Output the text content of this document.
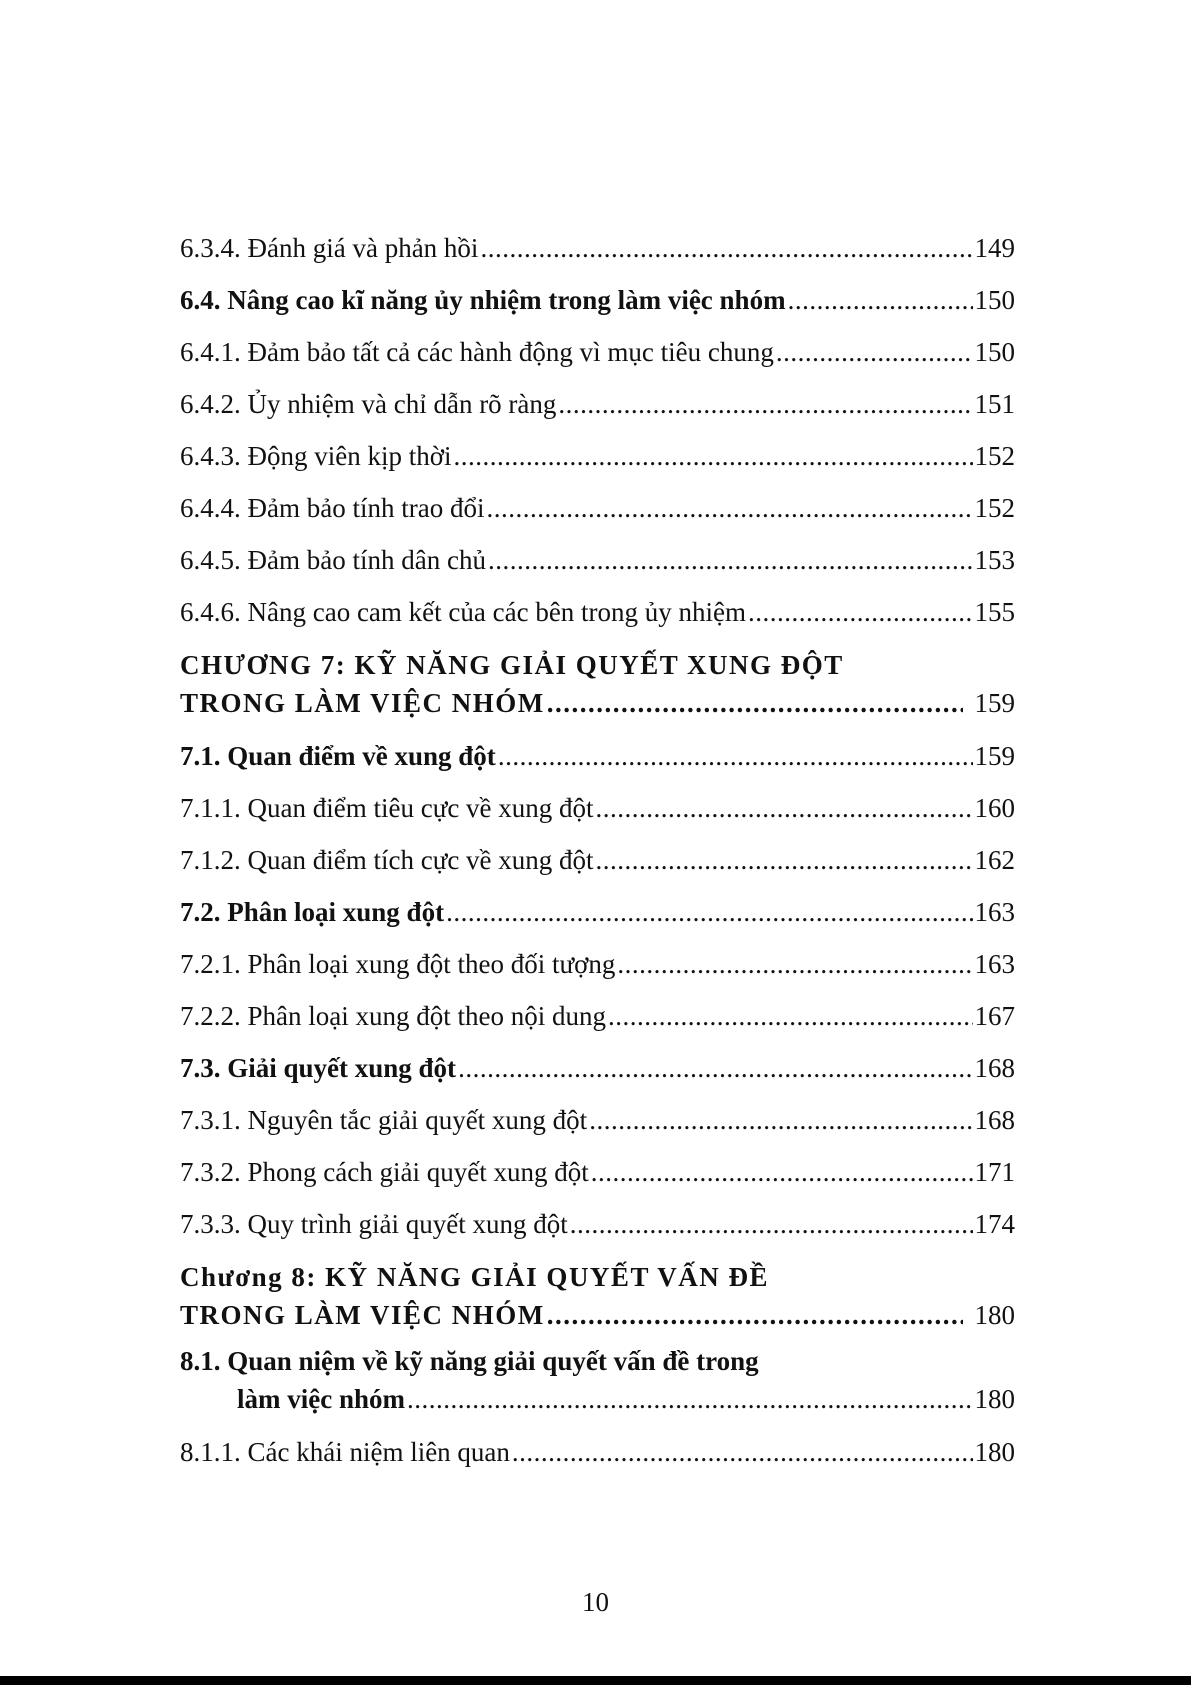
6.3.4. Đánh giá và phản hồi .....	149
6.4. Nâng cao kĩ năng ủy nhiệm trong làm việc nhóm .....	150
6.4.1. Đảm bảo tất cả các hành động vì mục tiêu chung .....	150
6.4.2. Ủy nhiệm và chỉ dẫn rõ ràng .....	151
6.4.3. Động viên kịp thời .....	152
6.4.4. Đảm bảo tính trao đổi .....	152
6.4.5. Đảm bảo tính dân chủ .....	153
6.4.6. Nâng cao cam kết của các bên trong ủy nhiệm .....	155
CHƯƠNG 7: KỸ NĂNG GIẢI QUYẾT XUNG ĐỘT
TRONG LÀM VIỆC NHÓM .....	159
7.1. Quan điểm về xung đột .....	159
7.1.1. Quan điểm tiêu cực về xung đột .....	160
7.1.2. Quan điểm tích cực về xung đột .....	162
7.2. Phân loại xung đột .....	163
7.2.1. Phân loại xung đột theo đối tượng .....	163
7.2.2. Phân loại xung đột theo nội dung .....	167
7.3. Giải quyết xung đột .....	168
7.3.1. Nguyên tắc giải quyết xung đột .....	168
7.3.2. Phong cách giải quyết xung đột .....	171
7.3.3. Quy trình giải quyết xung đột .....	174
Chương 8: KỸ NĂNG GIẢI QUYẾT VẤN ĐỀ
TRONG LÀM VIỆC NHÓM .....	180
8.1. Quan niệm về kỹ năng giải quyết vấn đề trong
làm việc nhóm .....	180
8.1.1. Các khái niệm liên quan .....	180
10
